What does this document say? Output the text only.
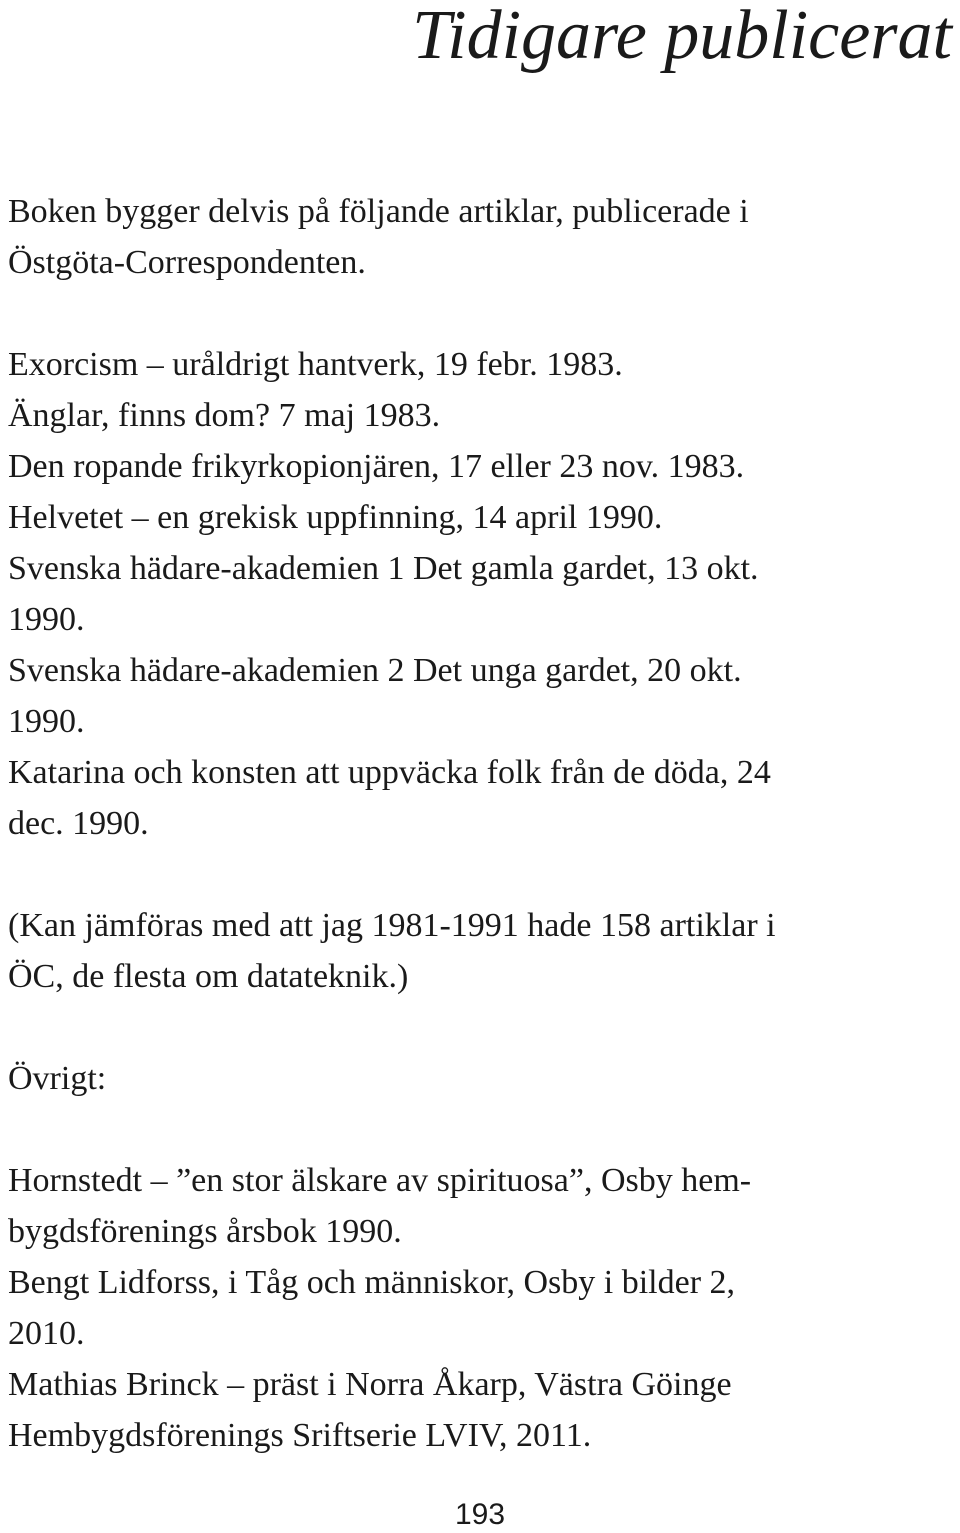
Tidigare publicerat

Boken bygger delvis på följande artiklar, publicerade i
Östgöta-Correspondenten.

Exorcism – uråldrigt hantverk, 19 febr. 1983.
Änglar, finns dom? 7 maj 1983.
Den ropande frikyrkopionjären, 17 eller 23 nov. 1983.
Helvetet – en grekisk uppfinning, 14 april 1990.
Svenska hädare-akademien 1 Det gamla gardet, 13 okt.
1990.
Svenska hädare-akademien 2 Det unga gardet, 20 okt.
1990.
Katarina och konsten att uppväcka folk från de döda, 24
dec. 1990.

(Kan jämföras med att jag 1981-1991 hade 158 artiklar i
ÖC, de flesta om datateknik.)

Övrigt:

Hornstedt – ”en stor älskare av spirituosa”, Osby hem-
bygdsförenings årsbok 1990.
Bengt Lidforss, i Tåg och människor, Osby i bilder 2,
2010.
Mathias Brinck – präst i Norra Åkarp, Västra Göinge
Hembygdsförenings Sriftserie LVIV, 2011.

193
